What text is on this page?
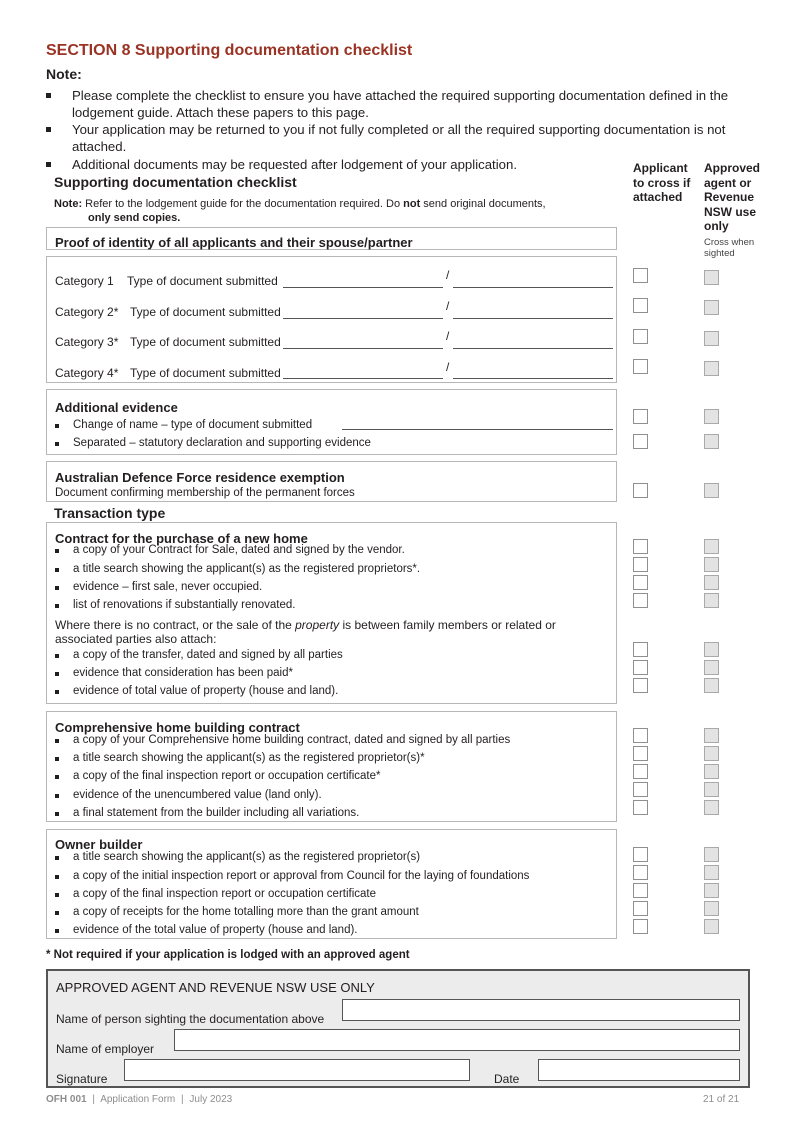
SECTION 8 Supporting documentation checklist
Note:
Please complete the checklist to ensure you have attached the required supporting documentation defined in the lodgement guide. Attach these papers to this page.
Your application may be returned to you if not fully completed or all the required supporting documentation is not attached.
Additional documents may be requested after lodgement of your application.	Applicant
to cross if
attached
Approved
agent or
Revenue
NSW use
only
Cross when
sighted
Supporting documentation checklist
Note: Refer to the lodgement guide for the documentation required. Do not send original documents,
only send copies.
Proof of identity of all applicants and their spouse/partner
Category 1 Type of document submitted	/
Category 2* Type of document submitted	/
Category 3* Type of document submitted	/
Category 4* Type of document submitted	/
Additional evidence
Change of name – type of document submitted
Separated – statutory declaration and supporting evidence
Australian Defence Force residence exemption
Document confirming membership of the permanent forces
Transaction type
Contract for the purchase of a new home
a copy of your Contract for Sale, dated and signed by the vendor.
a title search showing the applicant(s) as the registered proprietors*.
evidence – first sale, never occupied.
list of renovations if substantially renovated.
Where there is no contract, or the sale of the property is between family members or related or
associated parties also attach:
a copy of the transfer, dated and signed by all parties
evidence that consideration has been paid*
evidence of total value of property (house and land).
Comprehensive home building contract
a copy of your Comprehensive home building contract, dated and signed by all parties
a title search showing the applicant(s) as the registered proprietor(s)*
a copy of the final inspection report or occupation certificate*
evidence of the unencumbered value (land only).
a final statement from the builder including all variations.
Owner builder
a title search showing the applicant(s) as the registered proprietor(s)
a copy of the initial inspection report or approval from Council for the laying of foundations
a copy of the final inspection report or occupation certificate
a copy of receipts for the home totalling more than the grant amount
evidence of the total value of property (house and land).
* Not required if your application is lodged with an approved agent
APPROVED AGENT AND REVENUE NSW USE ONLY
Name of person sighting the documentation above
Name of employer
Signature	Date
OFH 001 | Application Form | July 2023	21 of 21
